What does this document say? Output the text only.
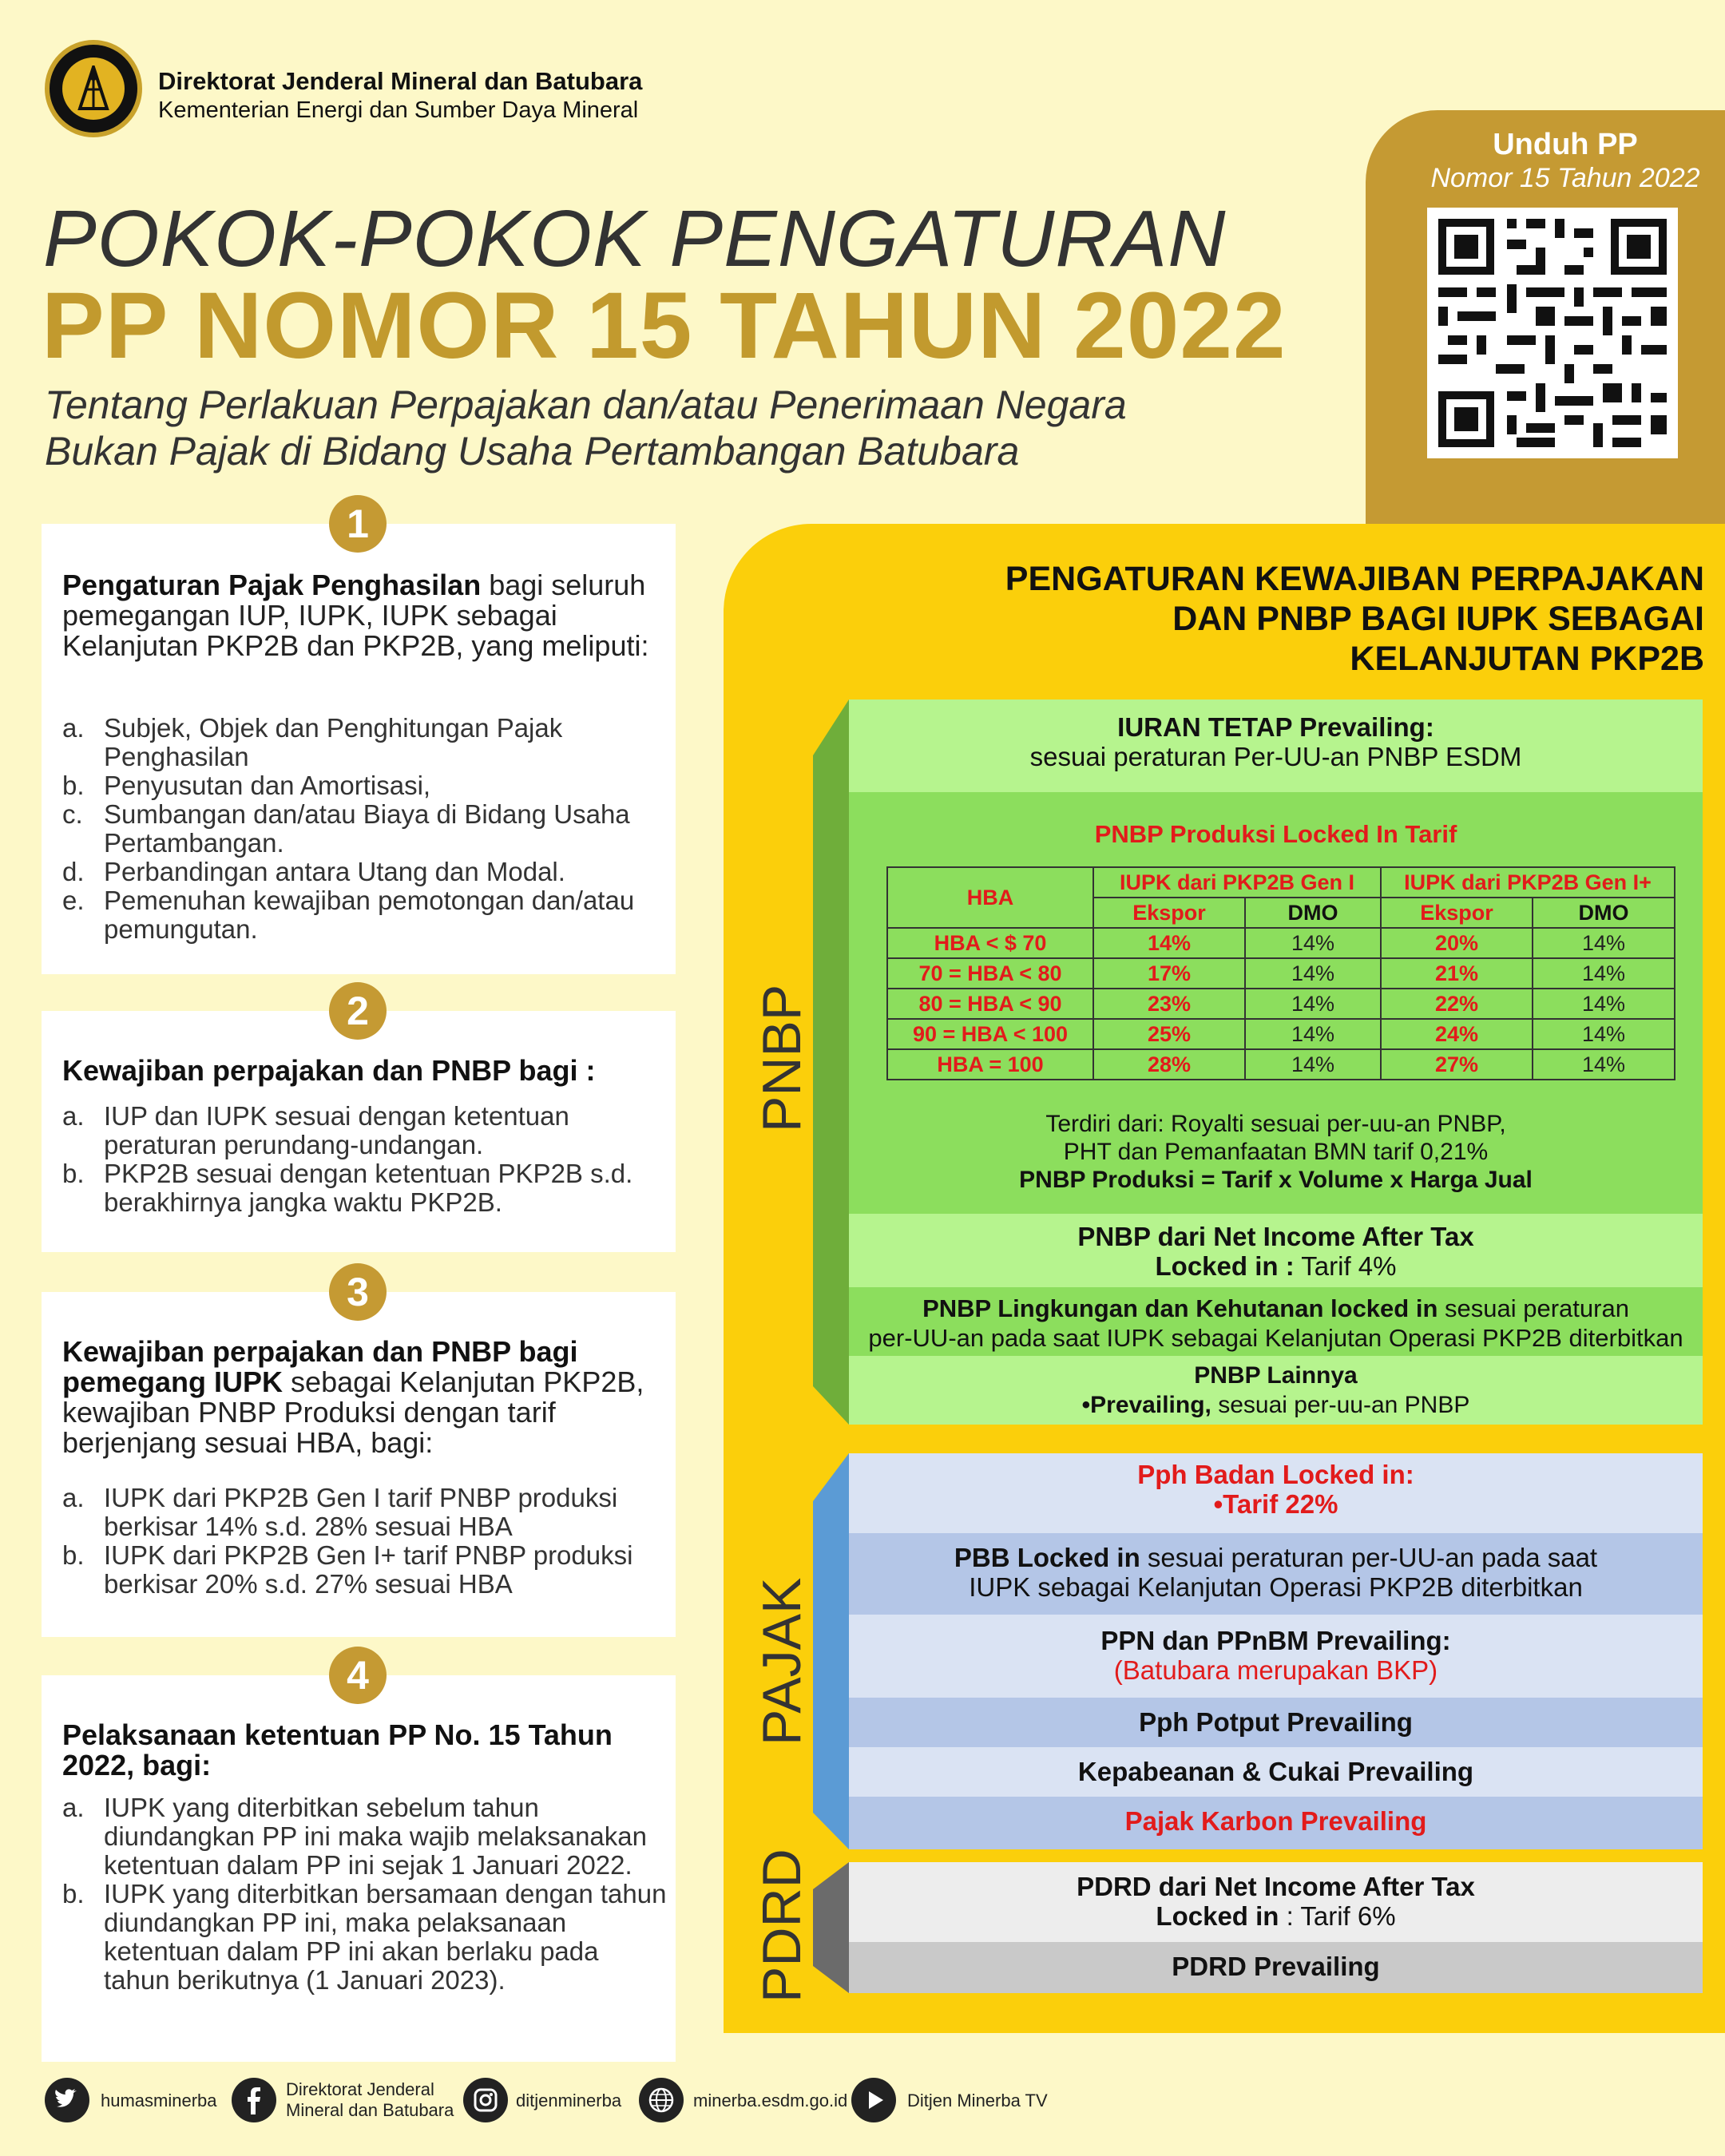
Direktorat Jenderal Mineral dan Batubara
Kementerian Energi dan Sumber Daya Mineral
POKOK-POKOK PENGATURAN
PP NOMOR 15 TAHUN 2022
Tentang Perlakuan Perpajakan dan/atau Penerimaan Negara
Bukan Pajak di Bidang Usaha Pertambangan Batubara
Unduh PP
Nomor 15 Tahun 2022
Pengaturan Pajak Penghasilan bagi seluruh pemegangan IUP, IUPK, IUPK sebagai Kelanjutan PKP2B dan PKP2B, yang meliputi:
a. Subjek, Objek dan Penghitungan Pajak Penghasilan
b. Penyusutan dan Amortisasi,
c. Sumbangan dan/atau Biaya di Bidang Usaha Pertambangan.
d. Perbandingan antara Utang dan Modal.
e. Pemenuhan kewajiban pemotongan dan/atau pemungutan.
1
Kewajiban perpajakan dan PNBP bagi :
a. IUP dan IUPK sesuai dengan ketentuan peraturan perundang-undangan.
b. PKP2B sesuai dengan ketentuan PKP2B s.d. berakhirnya jangka waktu PKP2B.
2
Kewajiban perpajakan dan PNBP bagi pemegang IUPK sebagai Kelanjutan PKP2B, kewajiban PNBP Produksi dengan tarif berjenjang sesuai HBA, bagi:
a. IUPK dari PKP2B Gen I tarif PNBP produksi berkisar 14% s.d. 28% sesuai HBA
b. IUPK dari PKP2B Gen I+ tarif PNBP produksi berkisar 20% s.d. 27% sesuai HBA
3
Pelaksanaan ketentuan PP No. 15 Tahun 2022, bagi:
a. IUPK yang diterbitkan sebelum tahun diundangkan PP ini maka wajib melaksanakan ketentuan dalam PP ini sejak 1 Januari 2022.
b. IUPK yang diterbitkan bersamaan dengan tahun diundangkan PP ini, maka pelaksanaan ketentuan dalam PP ini akan berlaku pada tahun berikutnya (1 Januari 2023).
4
PENGATURAN KEWAJIBAN PERPAJAKAN
DAN PNBP BAGI IUPK SEBAGAI
KELANJUTAN PKP2B
PNBP
PAJAK
PDRD
IURAN TETAP Prevailing:
sesuai peraturan Per-UU-an PNBP ESDM
PNBP Produksi Locked In Tarif
Terdiri dari: Royalti sesuai per-uu-an PNBP,
PHT dan Pemanfaatan BMN tarif 0,21%
PNBP Produksi = Tarif x Volume x Harga Jual
HBA	IUPK dari PKP2B Gen I		IUPK dari PKP2B Gen I+	
	Ekspor	DMO	Ekspor	DMO
HBA < $ 70	14%	14%	20%	14%
70 = HBA < 80	17%	14%	21%	14%
80 = HBA < 90	23%	14%	22%	14%
90 = HBA < 100	25%	14%	24%	14%
HBA = 100	28%	14%	27%	14%
PNBP dari Net Income After Tax
Locked in : Tarif 4%
PNBP Lingkungan dan Kehutanan locked in sesuai peraturan
per-UU-an pada saat IUPK sebagai Kelanjutan Operasi PKP2B diterbitkan
PNBP Lainnya
•Prevailing, sesuai per-uu-an PNBP
Pph Badan Locked in:
•Tarif 22%
PBB Locked in sesuai peraturan per-UU-an pada saat
IUPK sebagai Kelanjutan Operasi PKP2B diterbitkan
PPN dan PPnBM Prevailing:
(Batubara merupakan BKP)
Pph Potput Prevailing
Kepabeanan & Cukai Prevailing
Pajak Karbon Prevailing
PDRD dari Net Income After Tax
Locked in : Tarif 6%
PDRD Prevailing
humasminerba
Direktorat Jenderal
Mineral dan Batubara	ditjenminerba	minerba.esdm.go.id	Ditjen Minerba TV
